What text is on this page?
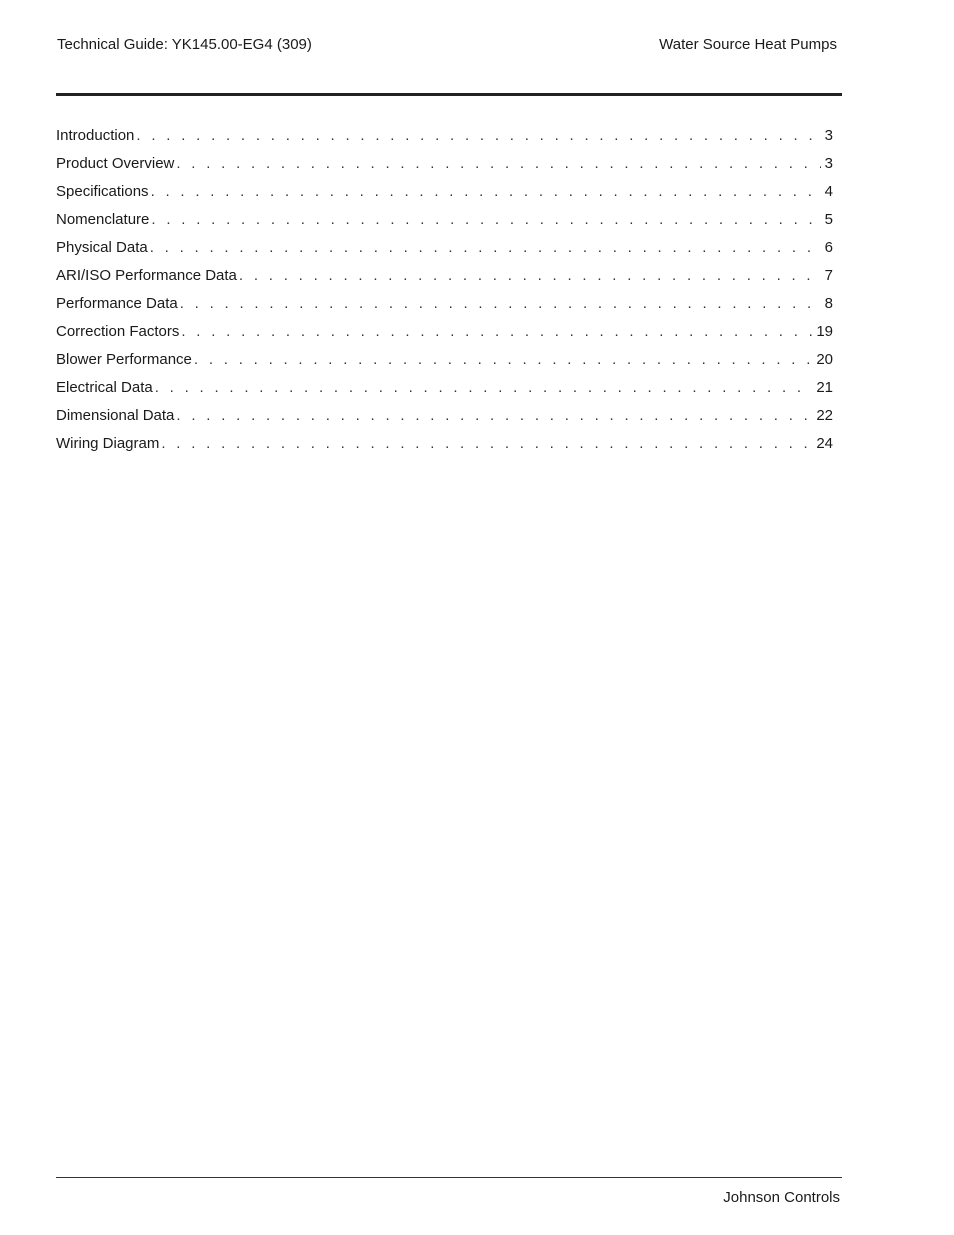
Technical Guide: YK145.00-EG4 (309)	Water Source Heat Pumps
Introduction . . .	3
Product Overview . . .	3
Specifications . . .	4
Nomenclature . . .	5
Physical Data . . .	6
ARI/ISO Performance Data . . .	7
Performance Data . . .	8
Correction Factors . . .	19
Blower Performance . . .	20
Electrical Data . . .	21
Dimensional Data . . .	22
Wiring Diagram . . .	24
Johnson Controls
